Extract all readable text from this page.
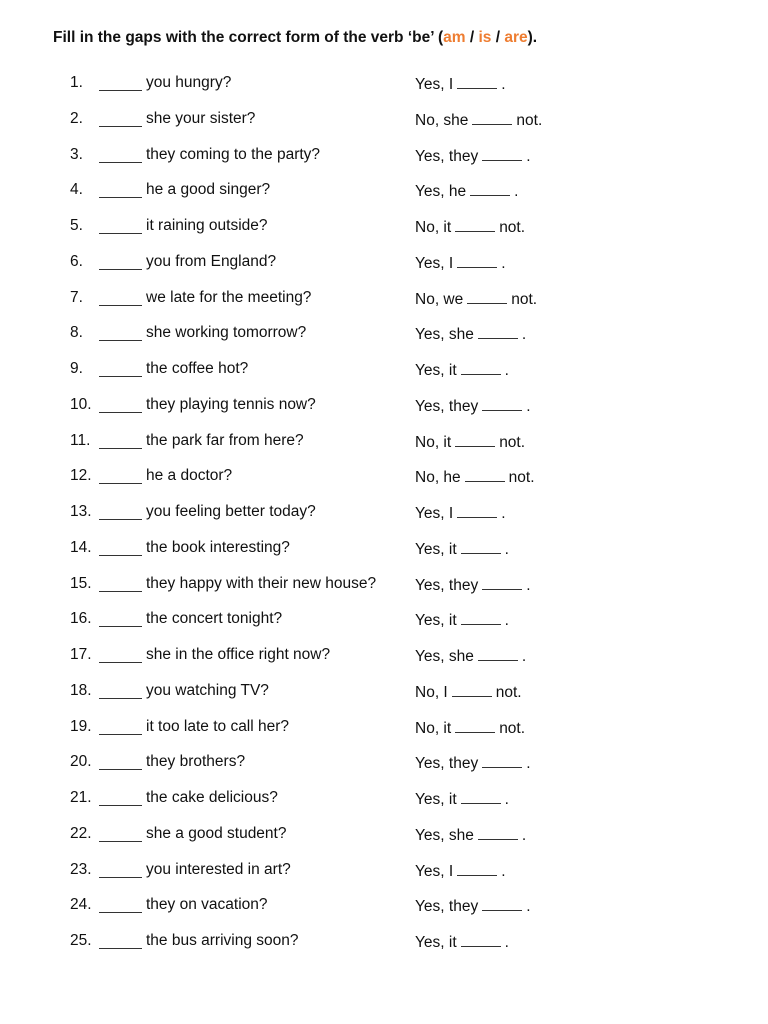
Fill in the gaps with the correct form of the verb ‘be’ (am / is / are).
1.	you hungry?	Yes, I	.
2.	she your sister?	No, she	not.
3.	they coming to the party?	Yes, they	.
4.	he a good singer?	Yes, he	.
5.	it raining outside?	No, it	not.
6.	you from England?	Yes, I	.
7.	we late for the meeting?	No, we	not.
8.	she working tomorrow?	Yes, she	.
9.	the coffee hot?	Yes, it	.
10.	they playing tennis now?	Yes, they	.
11.	the park far from here?	No, it	not.
12.	he a doctor?	No, he	not.
13.	you feeling better today?	Yes, I	.
14.	the book interesting?	Yes, it	.
15.	they happy with their new house?	Yes, they	.
16.	the concert tonight?	Yes, it	.
17.	she in the office right now?	Yes, she	.
18.	you watching TV?	No, I	not.
19.	it too late to call her?	No, it	not.
20.	they brothers?	Yes, they	.
21.	the cake delicious?	Yes, it	.
22.	she a good student?	Yes, she	.
23.	you interested in art?	Yes, I	.
24.	they on vacation?	Yes, they	.
25.	the bus arriving soon?	Yes, it	.
